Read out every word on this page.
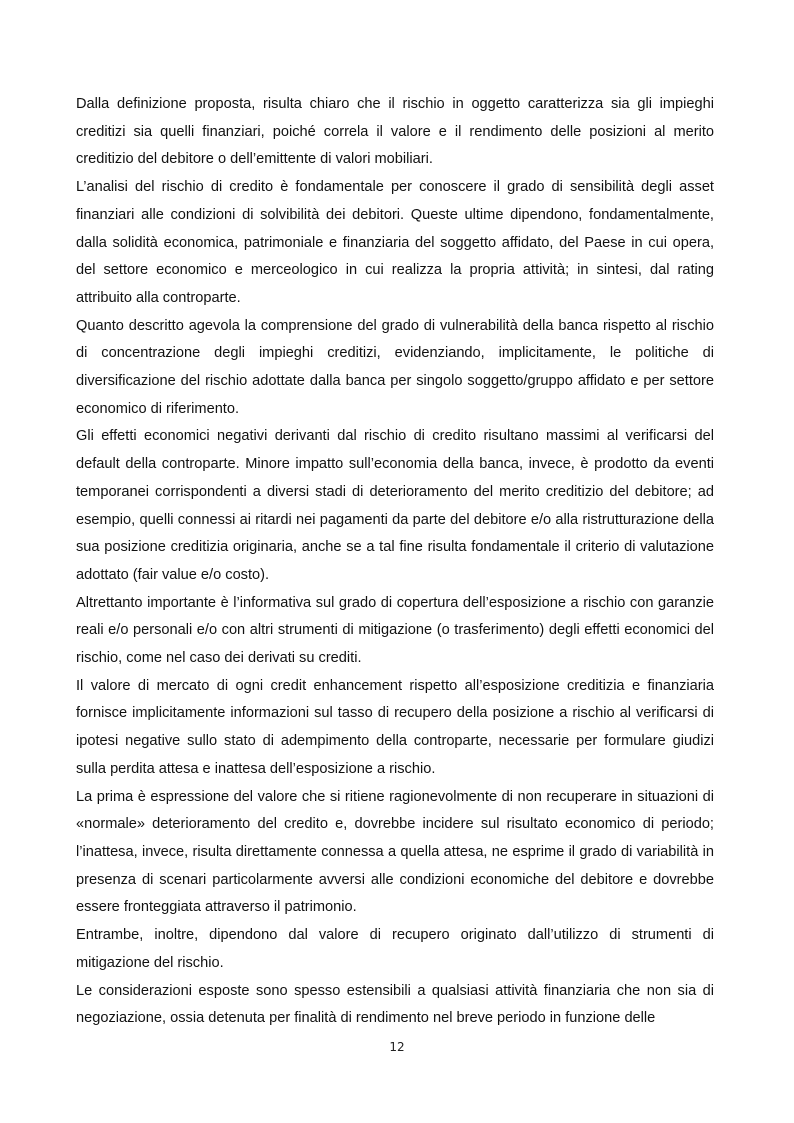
Dalla definizione proposta, risulta chiaro che il rischio in oggetto caratterizza sia gli impieghi creditizi sia quelli finanziari, poiché correla il valore e il rendimento delle posizioni al merito creditizio del debitore o dell’emittente di valori mobiliari.

L’analisi del rischio di credito è fondamentale per conoscere il grado di sensibilità degli asset finanziari alle condizioni di solvibilità dei debitori. Queste ultime dipendono, fondamentalmente, dalla solidità economica, patrimoniale e finanziaria del soggetto affidato, del Paese in cui opera, del settore economico e merceologico in cui realizza la propria attività; in sintesi, dal rating attribuito alla controparte.

Quanto descritto agevola la comprensione del grado di vulnerabilità della banca rispetto al rischio di concentrazione degli impieghi creditizi, evidenziando, implicitamente, le politiche di diversificazione del rischio adottate dalla banca per singolo soggetto/gruppo affidato e per settore economico di riferimento.

Gli effetti economici negativi derivanti dal rischio di credito risultano massimi al verificarsi del default della controparte. Minore impatto sull’economia della banca, invece, è prodotto da eventi temporanei corrispondenti a diversi stadi di deterioramento del merito creditizio del debitore; ad esempio, quelli connessi ai ritardi nei pagamenti da parte del debitore e/o alla ristrutturazione della sua posizione creditizia originaria, anche se a tal fine risulta fondamentale il criterio di valutazione adottato (fair value e/o costo).

Altrettanto importante è l’informativa sul grado di copertura dell’esposizione a rischio con garanzie reali e/o personali e/o con altri strumenti di mitigazione (o trasferimento) degli effetti economici del rischio, come nel caso dei derivati su crediti.

Il valore di mercato di ogni credit enhancement rispetto all’esposizione creditizia e finanziaria fornisce implicitamente informazioni sul tasso di recupero della posizione a rischio al verificarsi di ipotesi negative sullo stato di adempimento della controparte, necessarie per formulare giudizi sulla perdita attesa e inattesa dell’esposizione a rischio.

La prima è espressione del valore che si ritiene ragionevolmente di non recuperare in situazioni di «normale» deterioramento del credito e, dovrebbe incidere sul risultato economico di periodo; l’inattesa, invece, risulta direttamente connessa a quella attesa, ne esprime il grado di variabilità in presenza di scenari particolarmente avversi alle condizioni economiche del debitore e dovrebbe essere fronteggiata attraverso il patrimonio.

Entrambe, inoltre, dipendono dal valore di recupero originato dall’utilizzo di strumenti di mitigazione del rischio.

Le considerazioni esposte sono spesso estensibili a qualsiasi attività finanziaria che non sia di negoziazione, ossia detenuta per finalità di rendimento nel breve periodo in funzione delle

12
